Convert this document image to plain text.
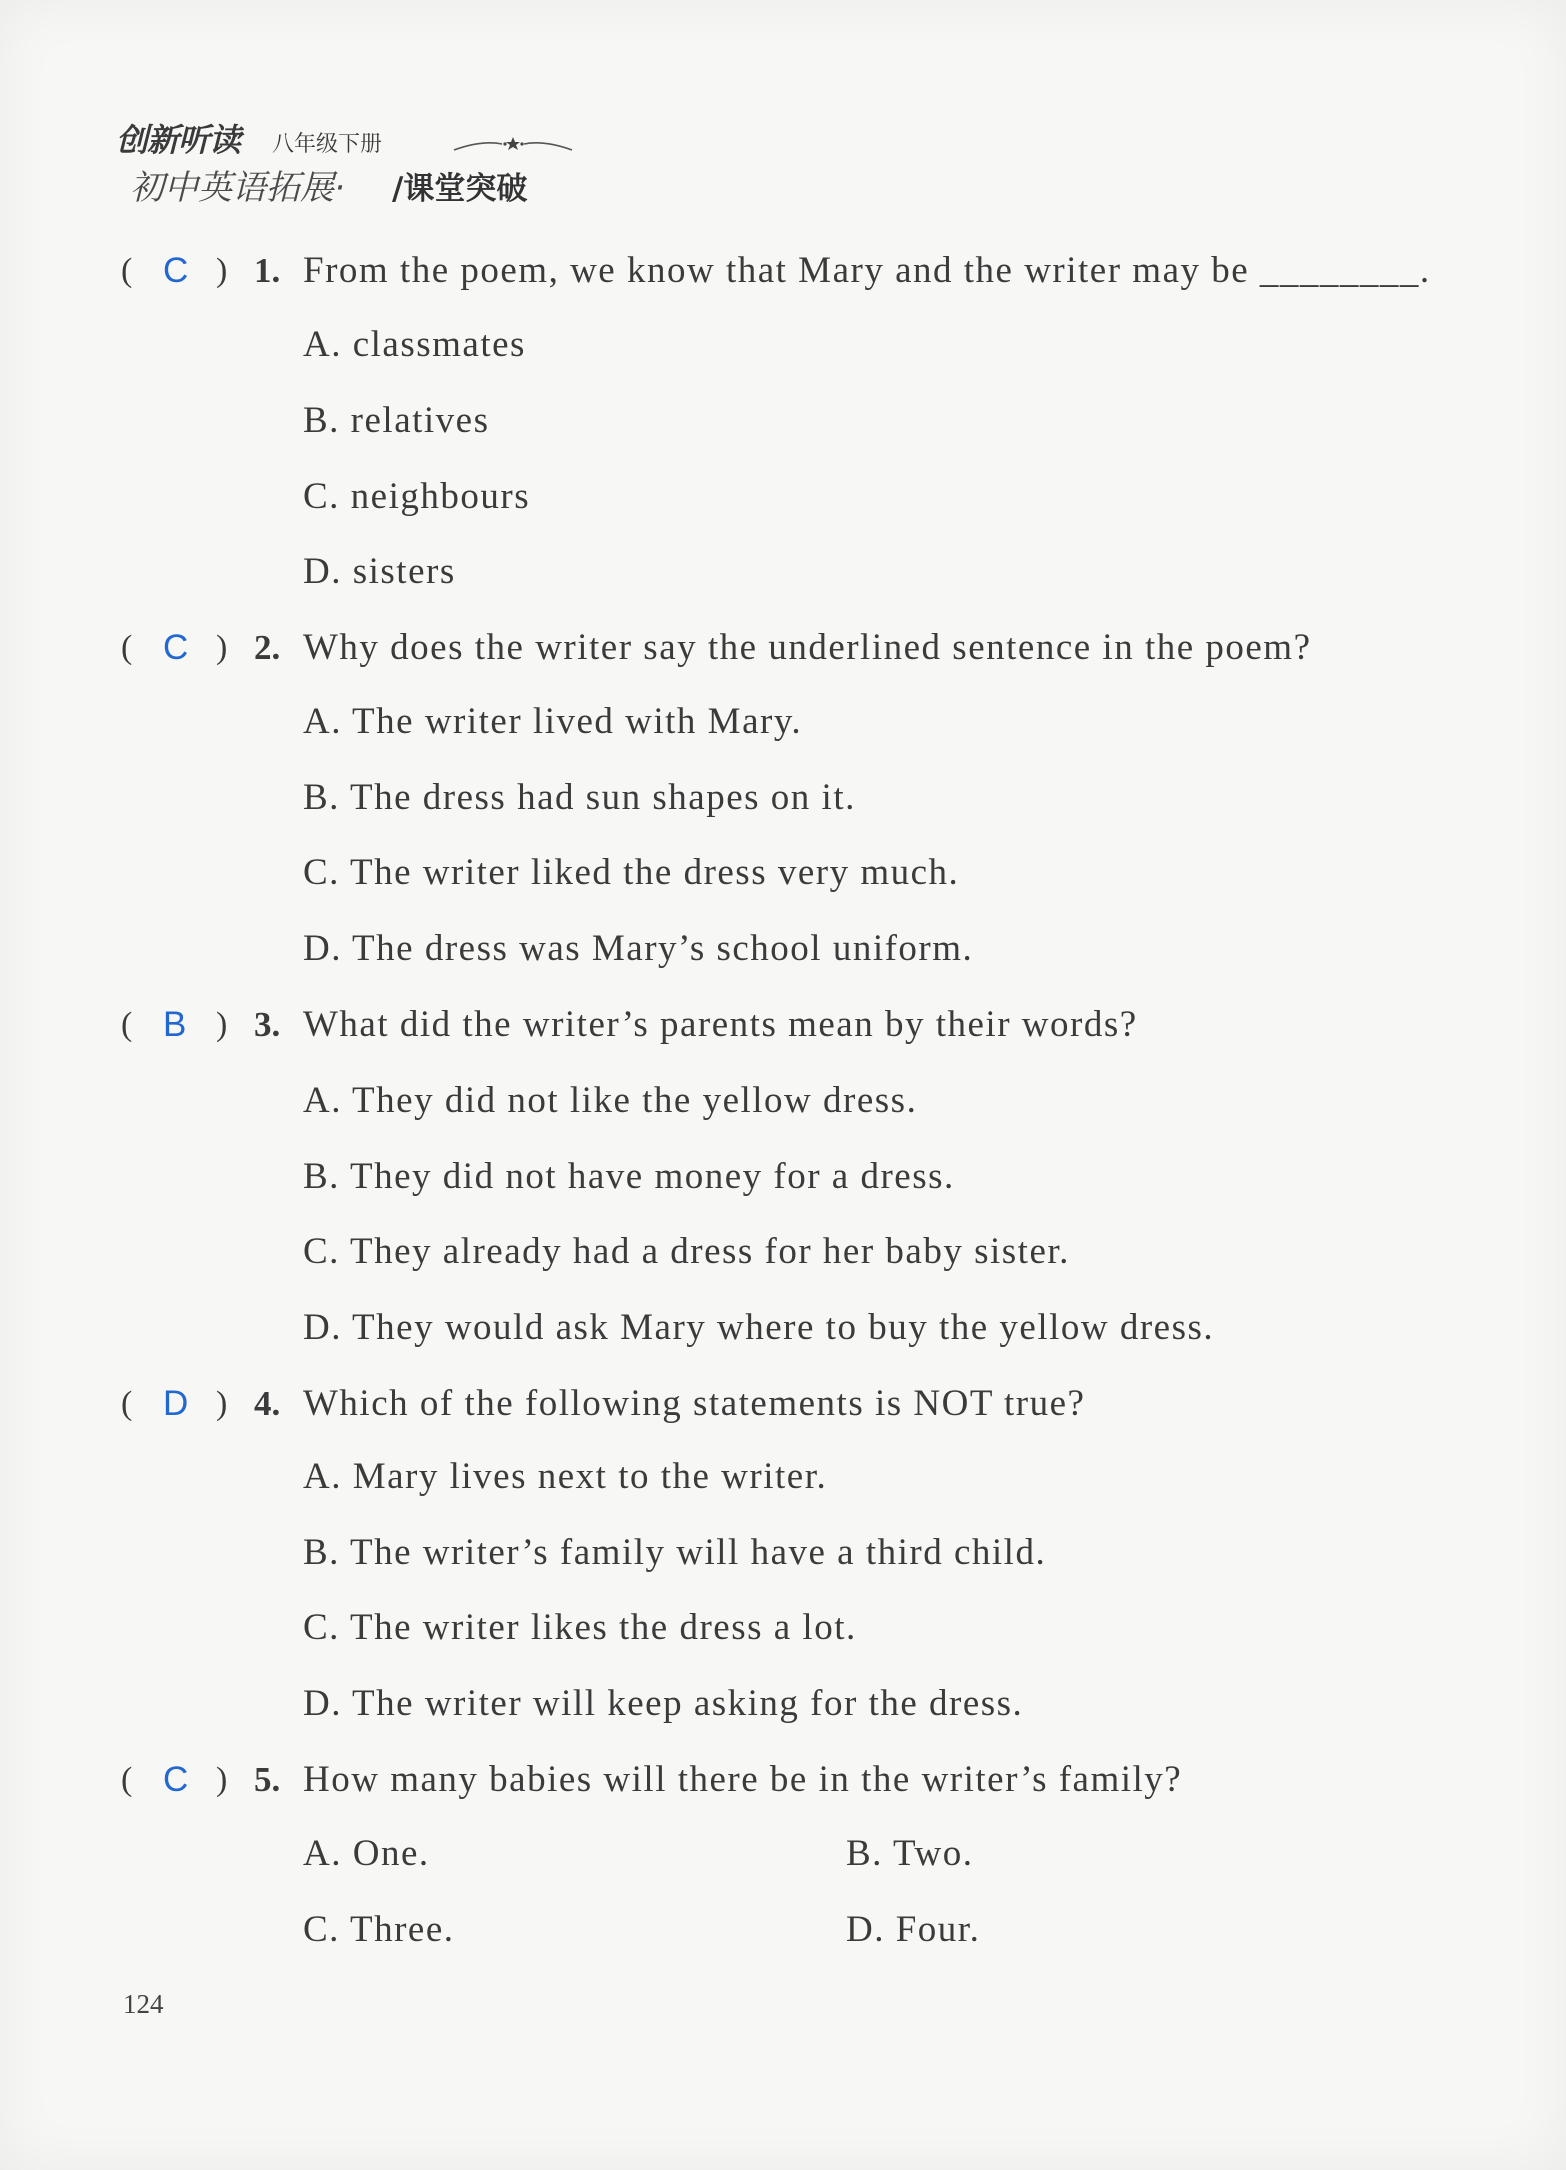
创新听读 八年级下册
初中英语拓展· /课堂突破
( C ) 1. From the poem, we know that Mary and the writer may be ________.
A. classmates
B. relatives
C. neighbours
D. sisters
( C ) 2. Why does the writer say the underlined sentence in the poem?
A. The writer lived with Mary.
B. The dress had sun shapes on it.
C. The writer liked the dress very much.
D. The dress was Mary’s school uniform.
( B ) 3. What did the writer’s parents mean by their words?
A. They did not like the yellow dress.
B. They did not have money for a dress.
C. They already had a dress for her baby sister.
D. They would ask Mary where to buy the yellow dress.
( D ) 4. Which of the following statements is NOT true?
A. Mary lives next to the writer.
B. The writer’s family will have a third child.
C. The writer likes the dress a lot.
D. The writer will keep asking for the dress.
( C ) 5. How many babies will there be in the writer’s family?
A. One.	B. Two.
C. Three.	D. Four.
124
